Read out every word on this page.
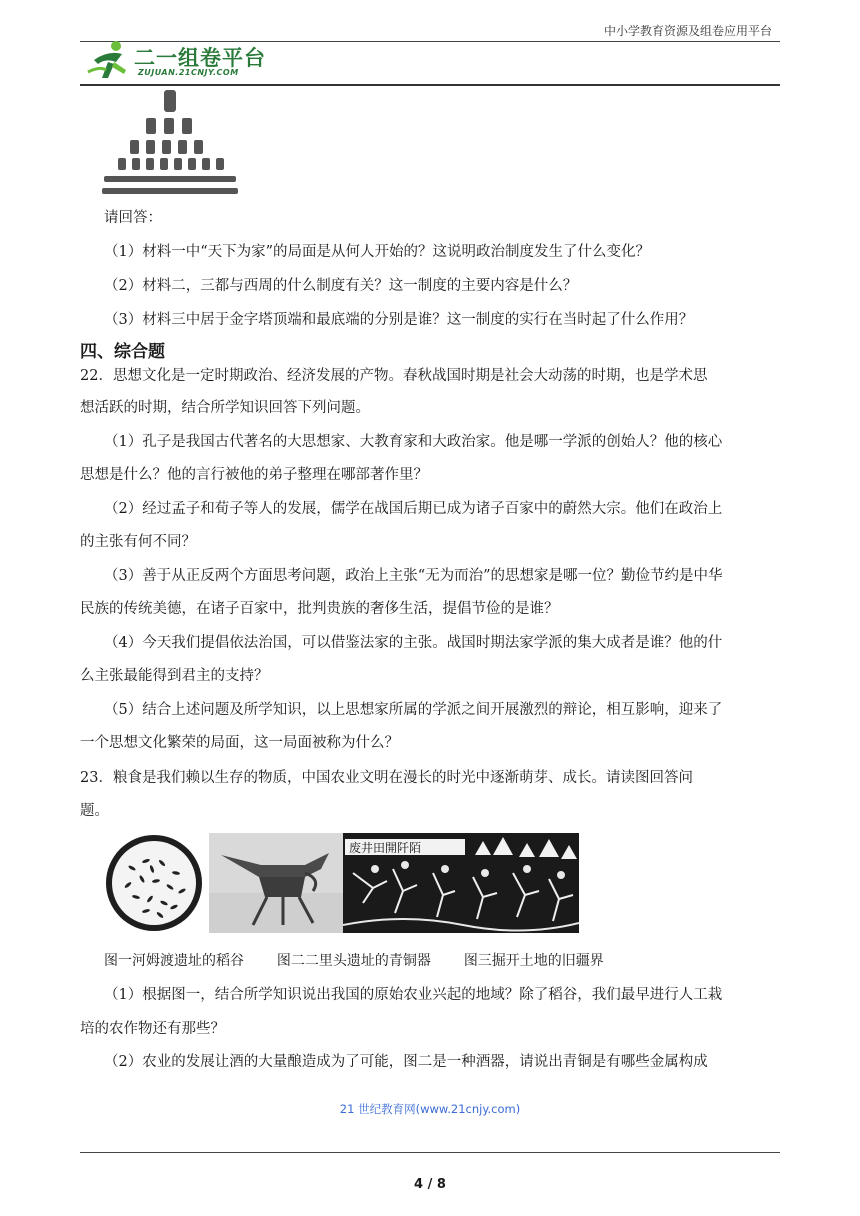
中小学教育资源及组卷应用平台
二一组卷平台
ZUJUAN.21CNJY.COM
请回答：
（1）材料一中“天下为家”的局面是从何人开始的？这说明政治制度发生了什么变化？
（2）材料二，三都与西周的什么制度有关？这一制度的主要内容是什么？
（3）材料三中居于金字塔顶端和最底端的分别是谁？这一制度的实行在当时起了什么作用？
四、综合题
22．思想文化是一定时期政治、经济发展的产物。春秋战国时期是社会大动荡的时期，也是学术思
想活跃的时期，结合所学知识回答下列问题。
（1）孔子是我国古代著名的大思想家、大教育家和大政治家。他是哪一学派的创始人？他的核心
思想是什么？他的言行被他的弟子整理在哪部著作里？
（2）经过孟子和荀子等人的发展，儒学在战国后期已成为诸子百家中的蔚然大宗。他们在政治上
的主张有何不同？
（3）善于从正反两个方面思考问题，政治上主张“无为而治”的思想家是哪一位？勤俭节约是中华
民族的传统美德，在诸子百家中，批判贵族的奢侈生活，提倡节俭的是谁？
（4）今天我们提倡依法治国，可以借鉴法家的主张。战国时期法家学派的集大成者是谁？他的什
么主张最能得到君主的支持？
（5）结合上述问题及所学知识，以上思想家所属的学派之间开展激烈的辩论，相互影响，迎来了
一个思想文化繁荣的局面，这一局面被称为什么？
23．粮食是我们赖以生存的物质，中国农业文明在漫长的时光中逐渐萌芽、成长。请读图回答问
题。
废井田開阡陌
图一河姆渡遗址的稻谷 图二二里头遗址的青铜器 图三掘开土地的旧疆界
（1）根据图一，结合所学知识说出我国的原始农业兴起的地域？除了稻谷，我们最早进行人工栽
培的农作物还有那些？
（2）农业的发展让酒的大量酿造成为了可能，图二是一种酒器，请说出青铜是有哪些金属构成
21 世纪教育网(www.21cnjy.com)
4 / 8
